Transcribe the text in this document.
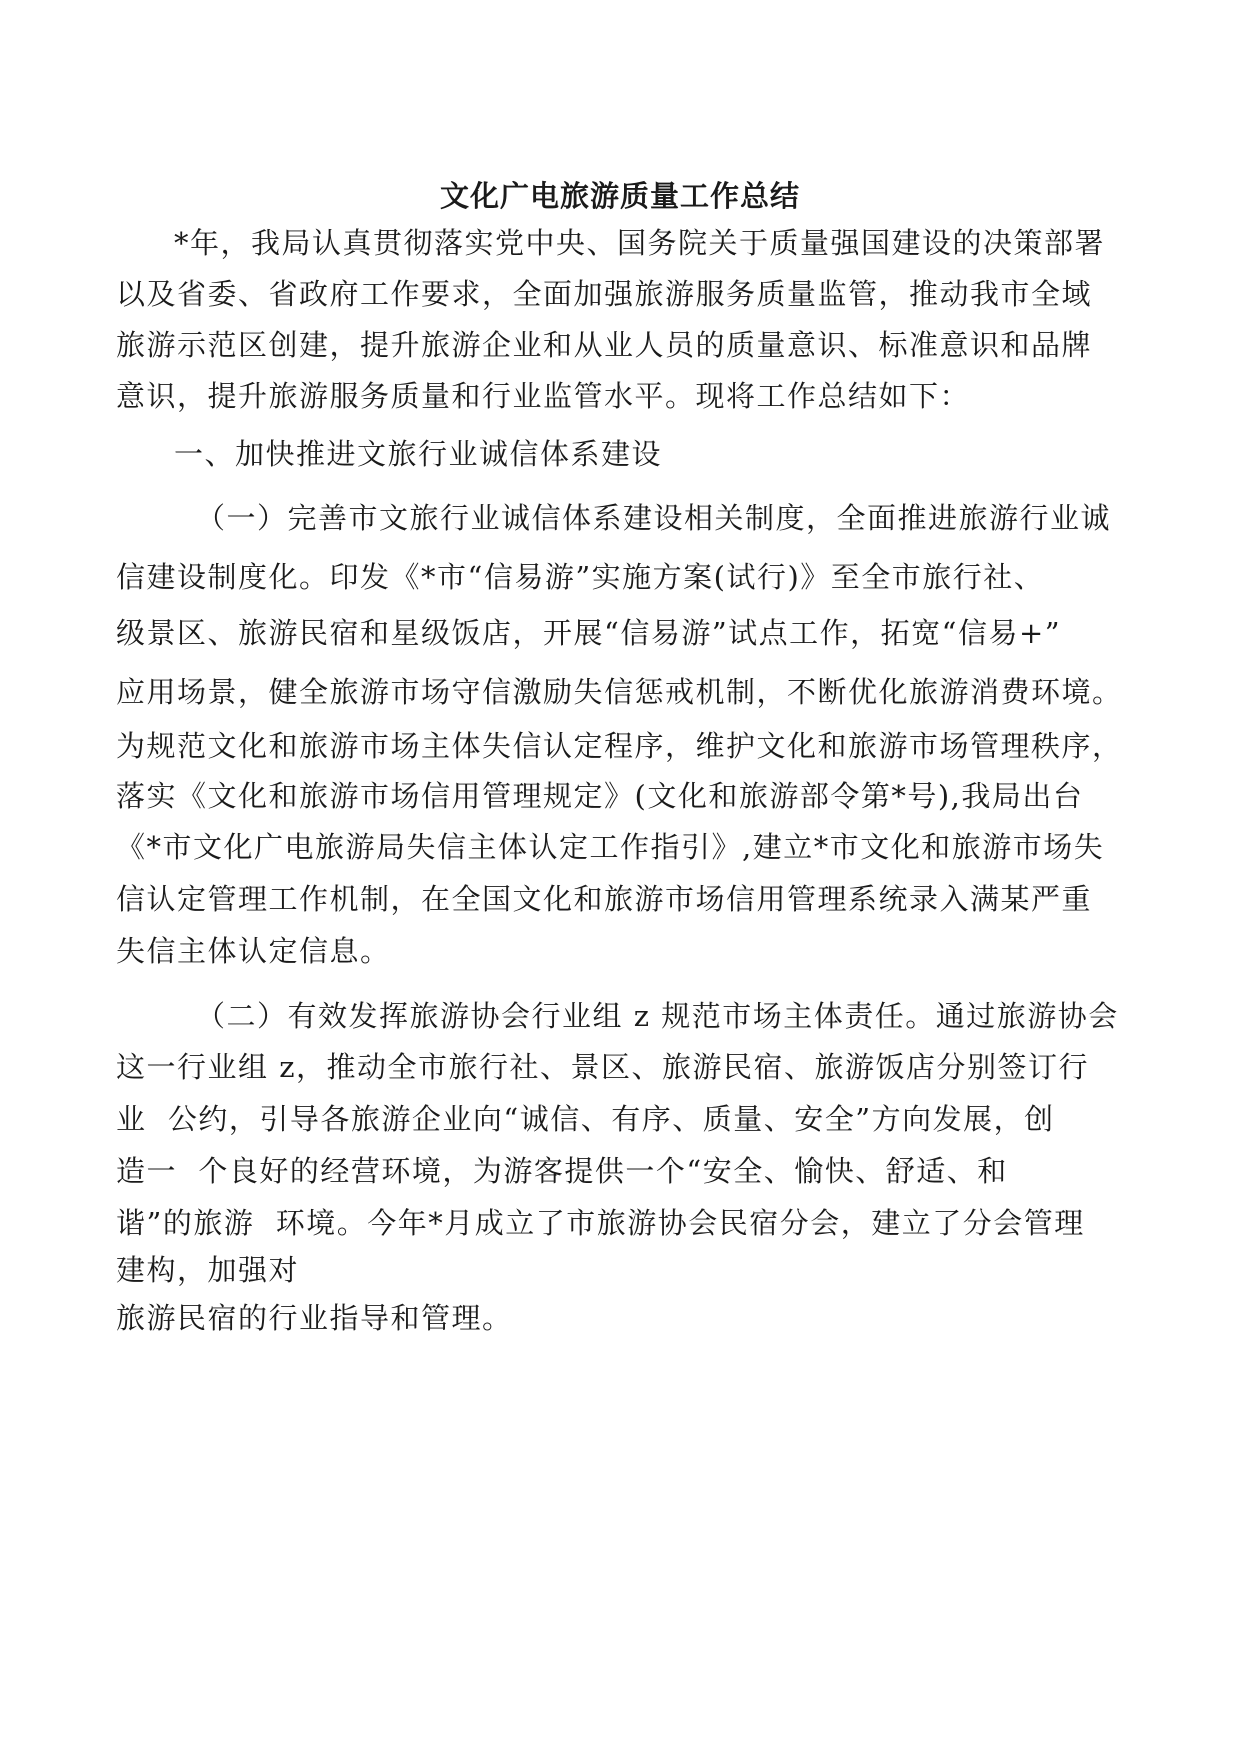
文化广电旅游质量工作总结

*年，我局认真贯彻落实党中央、国务院关于质量强国建设的决策部署

以及省委、省政府工作要求，全面加强旅游服务质量监管，推动我市全域

旅游示范区创建，提升旅游企业和从业人员的质量意识、标准意识和品牌

意识，提升旅游服务质量和行业监管水平。现将工作总结如下：

一、加快推进文旅行业诚信体系建设

（一）完善市文旅行业诚信体系建设相关制度，全面推进旅游行业诚

信建设制度化。印发《*市“信易游”实施方案(试行)》至全市旅行社、

级景区、旅游民宿和星级饭店，开展“信易游”试点工作，拓宽“信易+”

应用场景，健全旅游市场守信激励失信惩戒机制，不断优化旅游消费环境。

为规范文化和旅游市场主体失信认定程序，维护文化和旅游市场管理秩序，

落实《文化和旅游市场信用管理规定》(文化和旅游部令第*号),我局出台

《*市文化广电旅游局失信主体认定工作指引》,建立*市文化和旅游市场失

信认定管理工作机制，在全国文化和旅游市场信用管理系统录入满某严重

失信主体认定信息。

（二）有效发挥旅游协会行业组 z 规范市场主体责任。通过旅游协会

这一行业组 z，推动全市旅行社、景区、旅游民宿、旅游饭店分别签订行

业  公约，引导各旅游企业向“诚信、有序、质量、安全”方向发展，创

造一  个良好的经营环境，为游客提供一个“安全、愉快、舒适、和

谐”的旅游  环境。今年*月成立了市旅游协会民宿分会，建立了分会管理

建构，加强对

旅游民宿的行业指导和管理。
